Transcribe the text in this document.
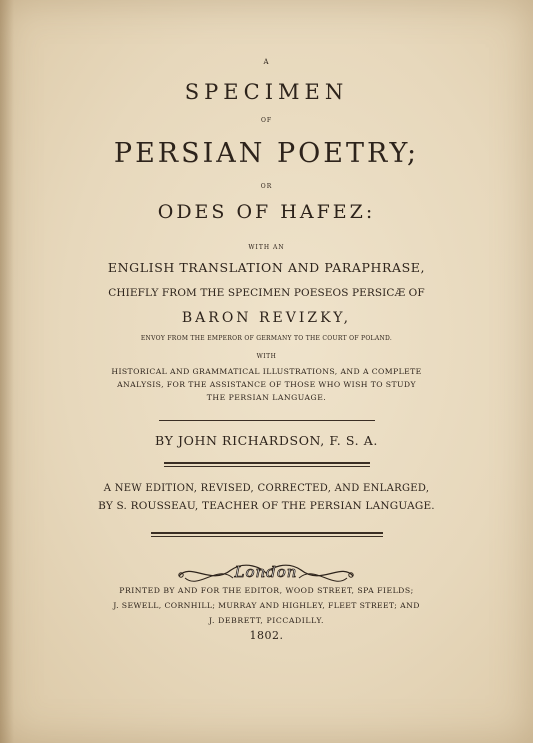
A

SPECIMEN

OF

PERSIAN POETRY;

OR

ODES OF HAFEZ:

WITH AN

ENGLISH TRANSLATION AND PARAPHRASE,

CHIEFLY FROM THE SPECIMEN POESEOS PERSICÆ OF

BARON REVIZKY,

ENVOY FROM THE EMPEROR OF GERMANY TO THE COURT OF POLAND.

WITH

HISTORICAL AND GRAMMATICAL ILLUSTRATIONS, AND A COMPLETE

ANALYSIS, FOR THE ASSISTANCE OF THOSE WHO WISH TO STUDY

THE PERSIAN LANGUAGE.

BY JOHN RICHARDSON, F. S. A.

A NEW EDITION, REVISED, CORRECTED, AND ENLARGED,

BY S. ROUSSEAU, TEACHER OF THE PERSIAN LANGUAGE.

London

PRINTED BY AND FOR THE EDITOR, WOOD STREET, SPA FIELDS;

J. SEWELL, CORNHILL; MURRAY AND HIGHLEY, FLEET STREET; AND

J. DEBRETT, PICCADILLY.

1802.
